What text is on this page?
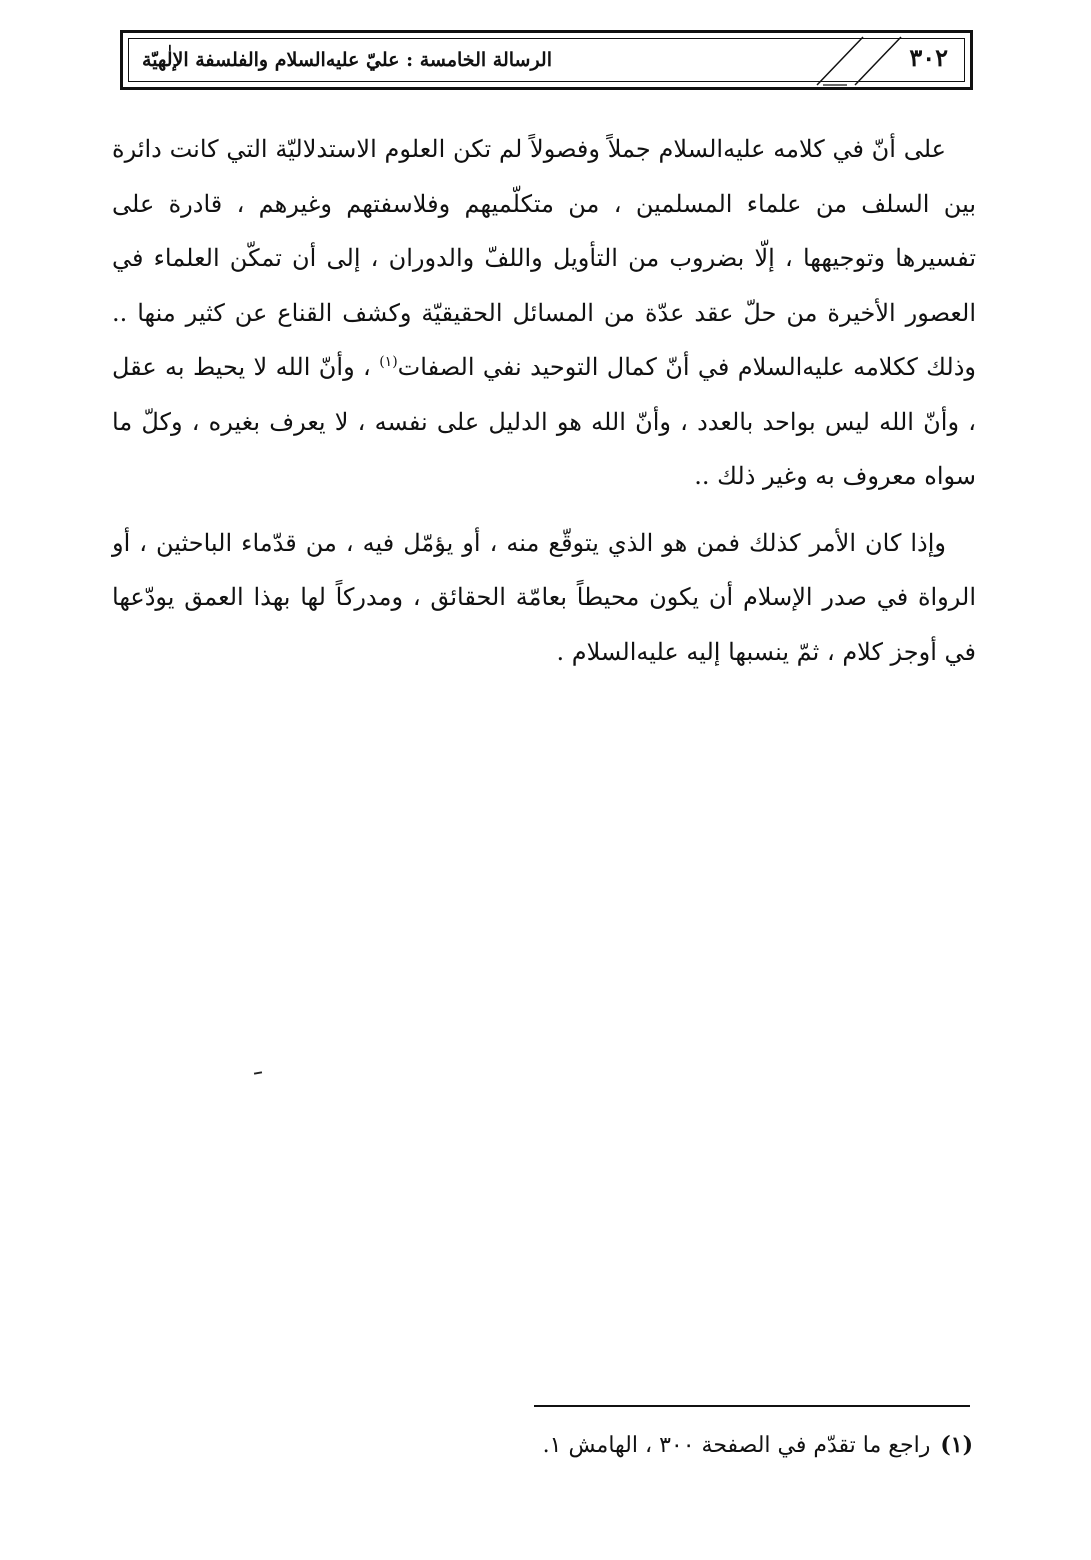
٣٠٢
الرسالة الخامسة : عليّ عليه‌السلام والفلسفة الإلٰهيّة

على أنّ في كلامه عليه‌السلام جملاً وفصولاً لم تكن العلوم الاستدلاليّة التي كانت دائرة بين السلف من علماء المسلمين ، من متكلّميهم وفلاسفتهم وغيرهم ، قادرة على تفسيرها وتوجيهها ، إلّا بضروب من التأويل واللفّ والدوران ، إلى أن تمكّن العلماء في العصور الأخيرة من حلّ عقد عدّة من المسائل الحقيقيّة وكشف القناع عن كثير منها .. وذلك ككلامه عليه‌السلام في أنّ كمال التوحيد نفي الصفات$^{(١)}$ ، وأنّ الله لا يحيط به عقل ، وأنّ الله ليس بواحد بالعدد ، وأنّ الله هو الدليل على نفسه ، لا يعرف بغيره ، وكلّ ما سواه معروف به وغير ذلك ..

وإذا كان الأمر كذلك فمن هو الذي يتوقّع منه ، أو يؤمّل فيه ، من قدّماء الباحثين ، أو الرواة في صدر الإسلام أن يكون محيطاً بعامّة الحقائق ، ومدركاً لها بهذا العمق يودّعها في أوجز كلام ، ثمّ ينسبها إليه عليه‌السلام .

(١)راجع ما تقدّم في الصفحة ٣٠٠ ، الهامش ١.
